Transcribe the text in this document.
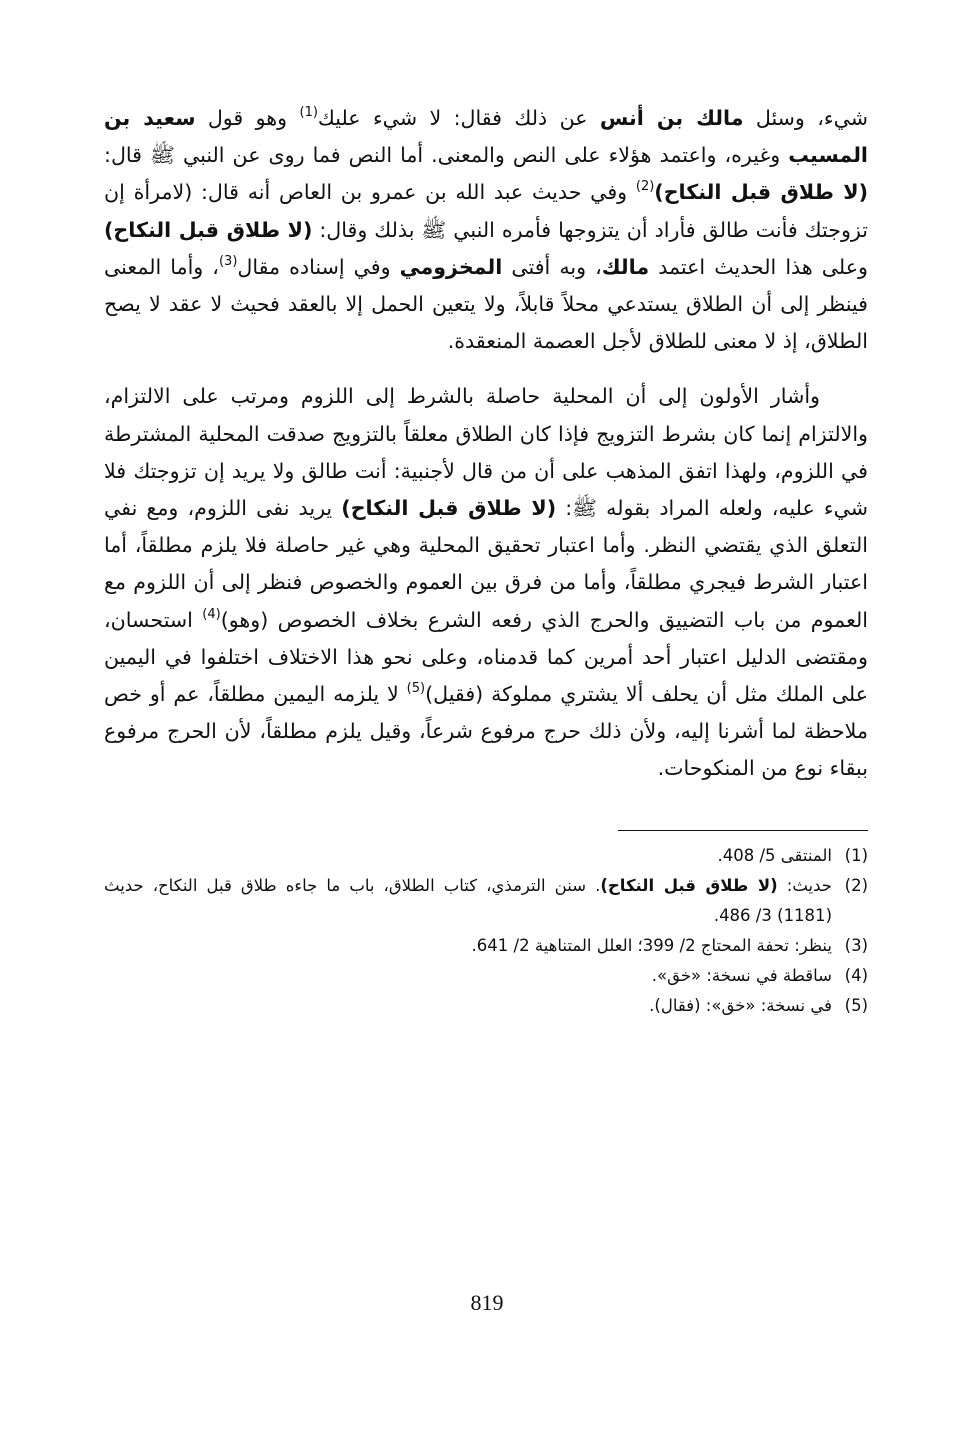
شيء، وسئل مالك بن أنس عن ذلك فقال: لا شيء عليك$^{(1)}$ وهو قول سعيد بن المسيب وغيره، واعتمد هؤلاء على النص والمعنى. أما النص فما روى عن النبي ﷺ قال: (لا طلاق قبل النكاح)$^{(2)}$ وفي حديث عبد الله بن عمرو بن العاص أنه قال: (لامرأة إن تزوجتك فأنت طالق فأراد أن يتزوجها فأمره النبي ﷺ بذلك وقال: (لا طلاق قبل النكاح) وعلى هذا الحديث اعتمد مالك، وبه أفتى المخزومي وفي إسناده مقال$^{(3)}$، وأما المعنى فينظر إلى أن الطلاق يستدعي محلاً قابلاً، ولا يتعين الحمل إلا بالعقد فحيث لا عقد لا يصح الطلاق، إذ لا معنى للطلاق لأجل العصمة المنعقدة.

وأشار الأولون إلى أن المحلية حاصلة بالشرط إلى اللزوم ومرتب على الالتزام، والالتزام إنما كان بشرط التزويج فإذا كان الطلاق معلقاً بالتزويج صدقت المحلية المشترطة في اللزوم، ولهذا اتفق المذهب على أن من قال لأجنبية: أنت طالق ولا يريد إن تزوجتك فلا شيء عليه، ولعله المراد بقوله ﷺ: (لا طلاق قبل النكاح) يريد نفى اللزوم، ومع نفي التعلق الذي يقتضي النظر. وأما اعتبار تحقيق المحلية وهي غير حاصلة فلا يلزم مطلقاً، أما اعتبار الشرط فيجري مطلقاً، وأما من فرق بين العموم والخصوص فنظر إلى أن اللزوم مع العموم من باب التضييق والحرج الذي رفعه الشرع بخلاف الخصوص (وهو)$^{(4)}$ استحسان، ومقتضى الدليل اعتبار أحد أمرين كما قدمناه، وعلى نحو هذا الاختلاف اختلفوا في اليمين على الملك مثل أن يحلف ألا يشتري مملوكة (فقيل)$^{(5)}$ لا يلزمه اليمين مطلقاً، عم أو خص ملاحظة لما أشرنا إليه، ولأن ذلك حرج مرفوع شرعاً، وقيل يلزم مطلقاً، لأن الحرج مرفوع ببقاء نوع من المنكوحات.

(1)
المنتقى 5/ 408.
(2)
حديث: (لا طلاق قبل النكاح). سنن الترمذي، كتاب الطلاق، باب ما جاءه طلاق قبل النكاح، حديث (1181) 3/ 486.
(3)
ينظر: تحفة المحتاج 2/ 399؛ العلل المتناهية 2/ 641.
(4)
ساقطة في نسخة: «خق».
(5)
في نسخة: «خق»: (فقال).
819
